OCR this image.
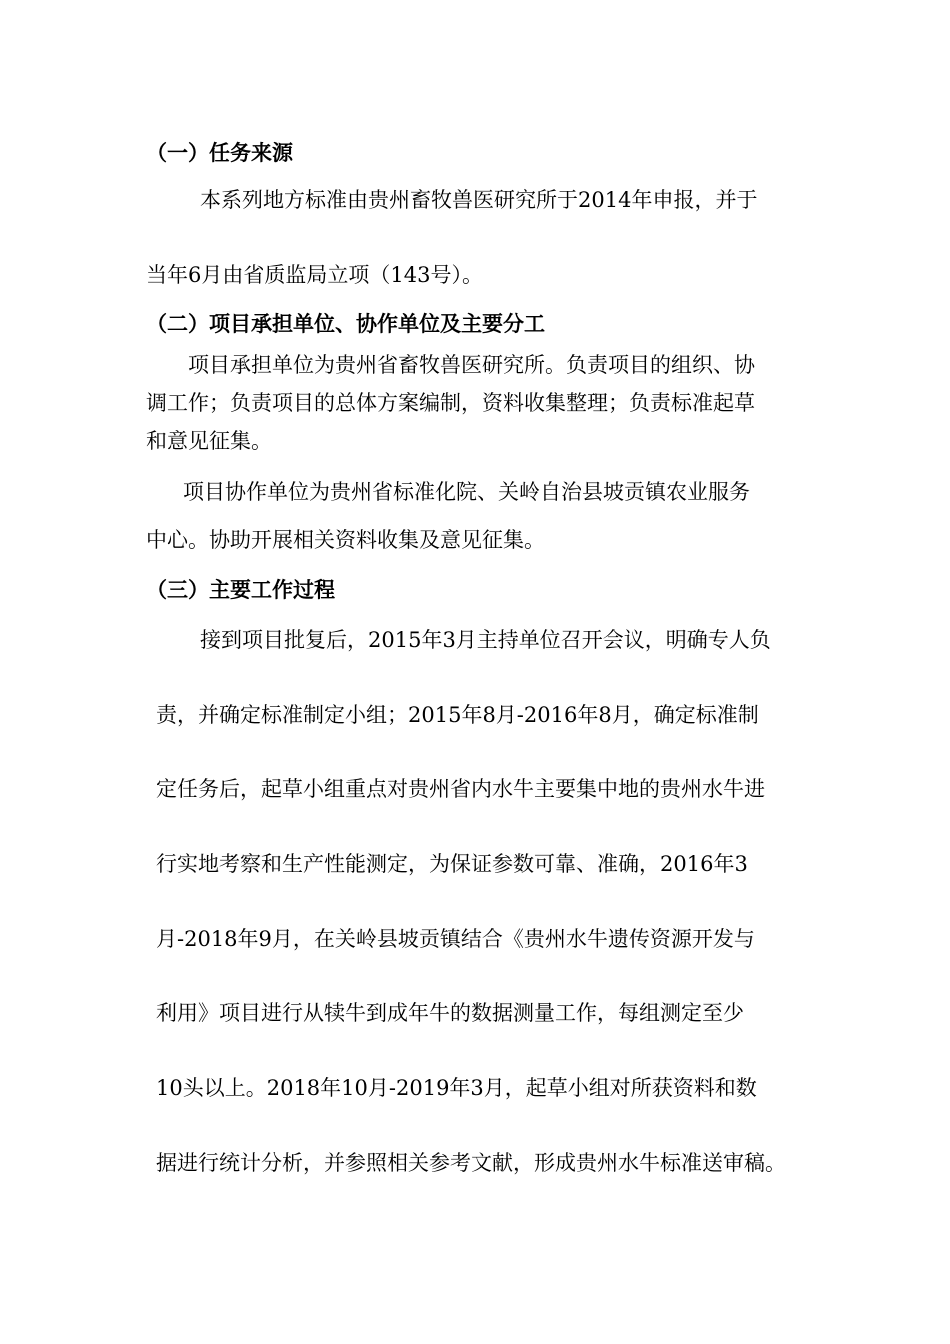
（一）任务来源
本系列地方标准由贵州畜牧兽医研究所于2014年申报，并于
当年6月由省质监局立项（143号）。
（二）项目承担单位、协作单位及主要分工
项目承担单位为贵州省畜牧兽医研究所。负责项目的组织、协
调工作；负责项目的总体方案编制，资料收集整理；负责标准起草
和意见征集。
项目协作单位为贵州省标准化院、关岭自治县坡贡镇农业服务
中心。协助开展相关资料收集及意见征集。
（三）主要工作过程
接到项目批复后，2015年3月主持单位召开会议，明确专人负
责，并确定标准制定小组；2015年8月-2016年8月，确定标准制
定任务后，起草小组重点对贵州省内水牛主要集中地的贵州水牛进
行实地考察和生产性能测定，为保证参数可靠、准确，2016年3
月-2018年9月，在关岭县坡贡镇结合《贵州水牛遗传资源开发与
利用》项目进行从犊牛到成年牛的数据测量工作，每组测定至少
10头以上。2018年10月-2019年3月，起草小组对所获资料和数
据进行统计分析，并参照相关参考文献，形成贵州水牛标准送审稿。
